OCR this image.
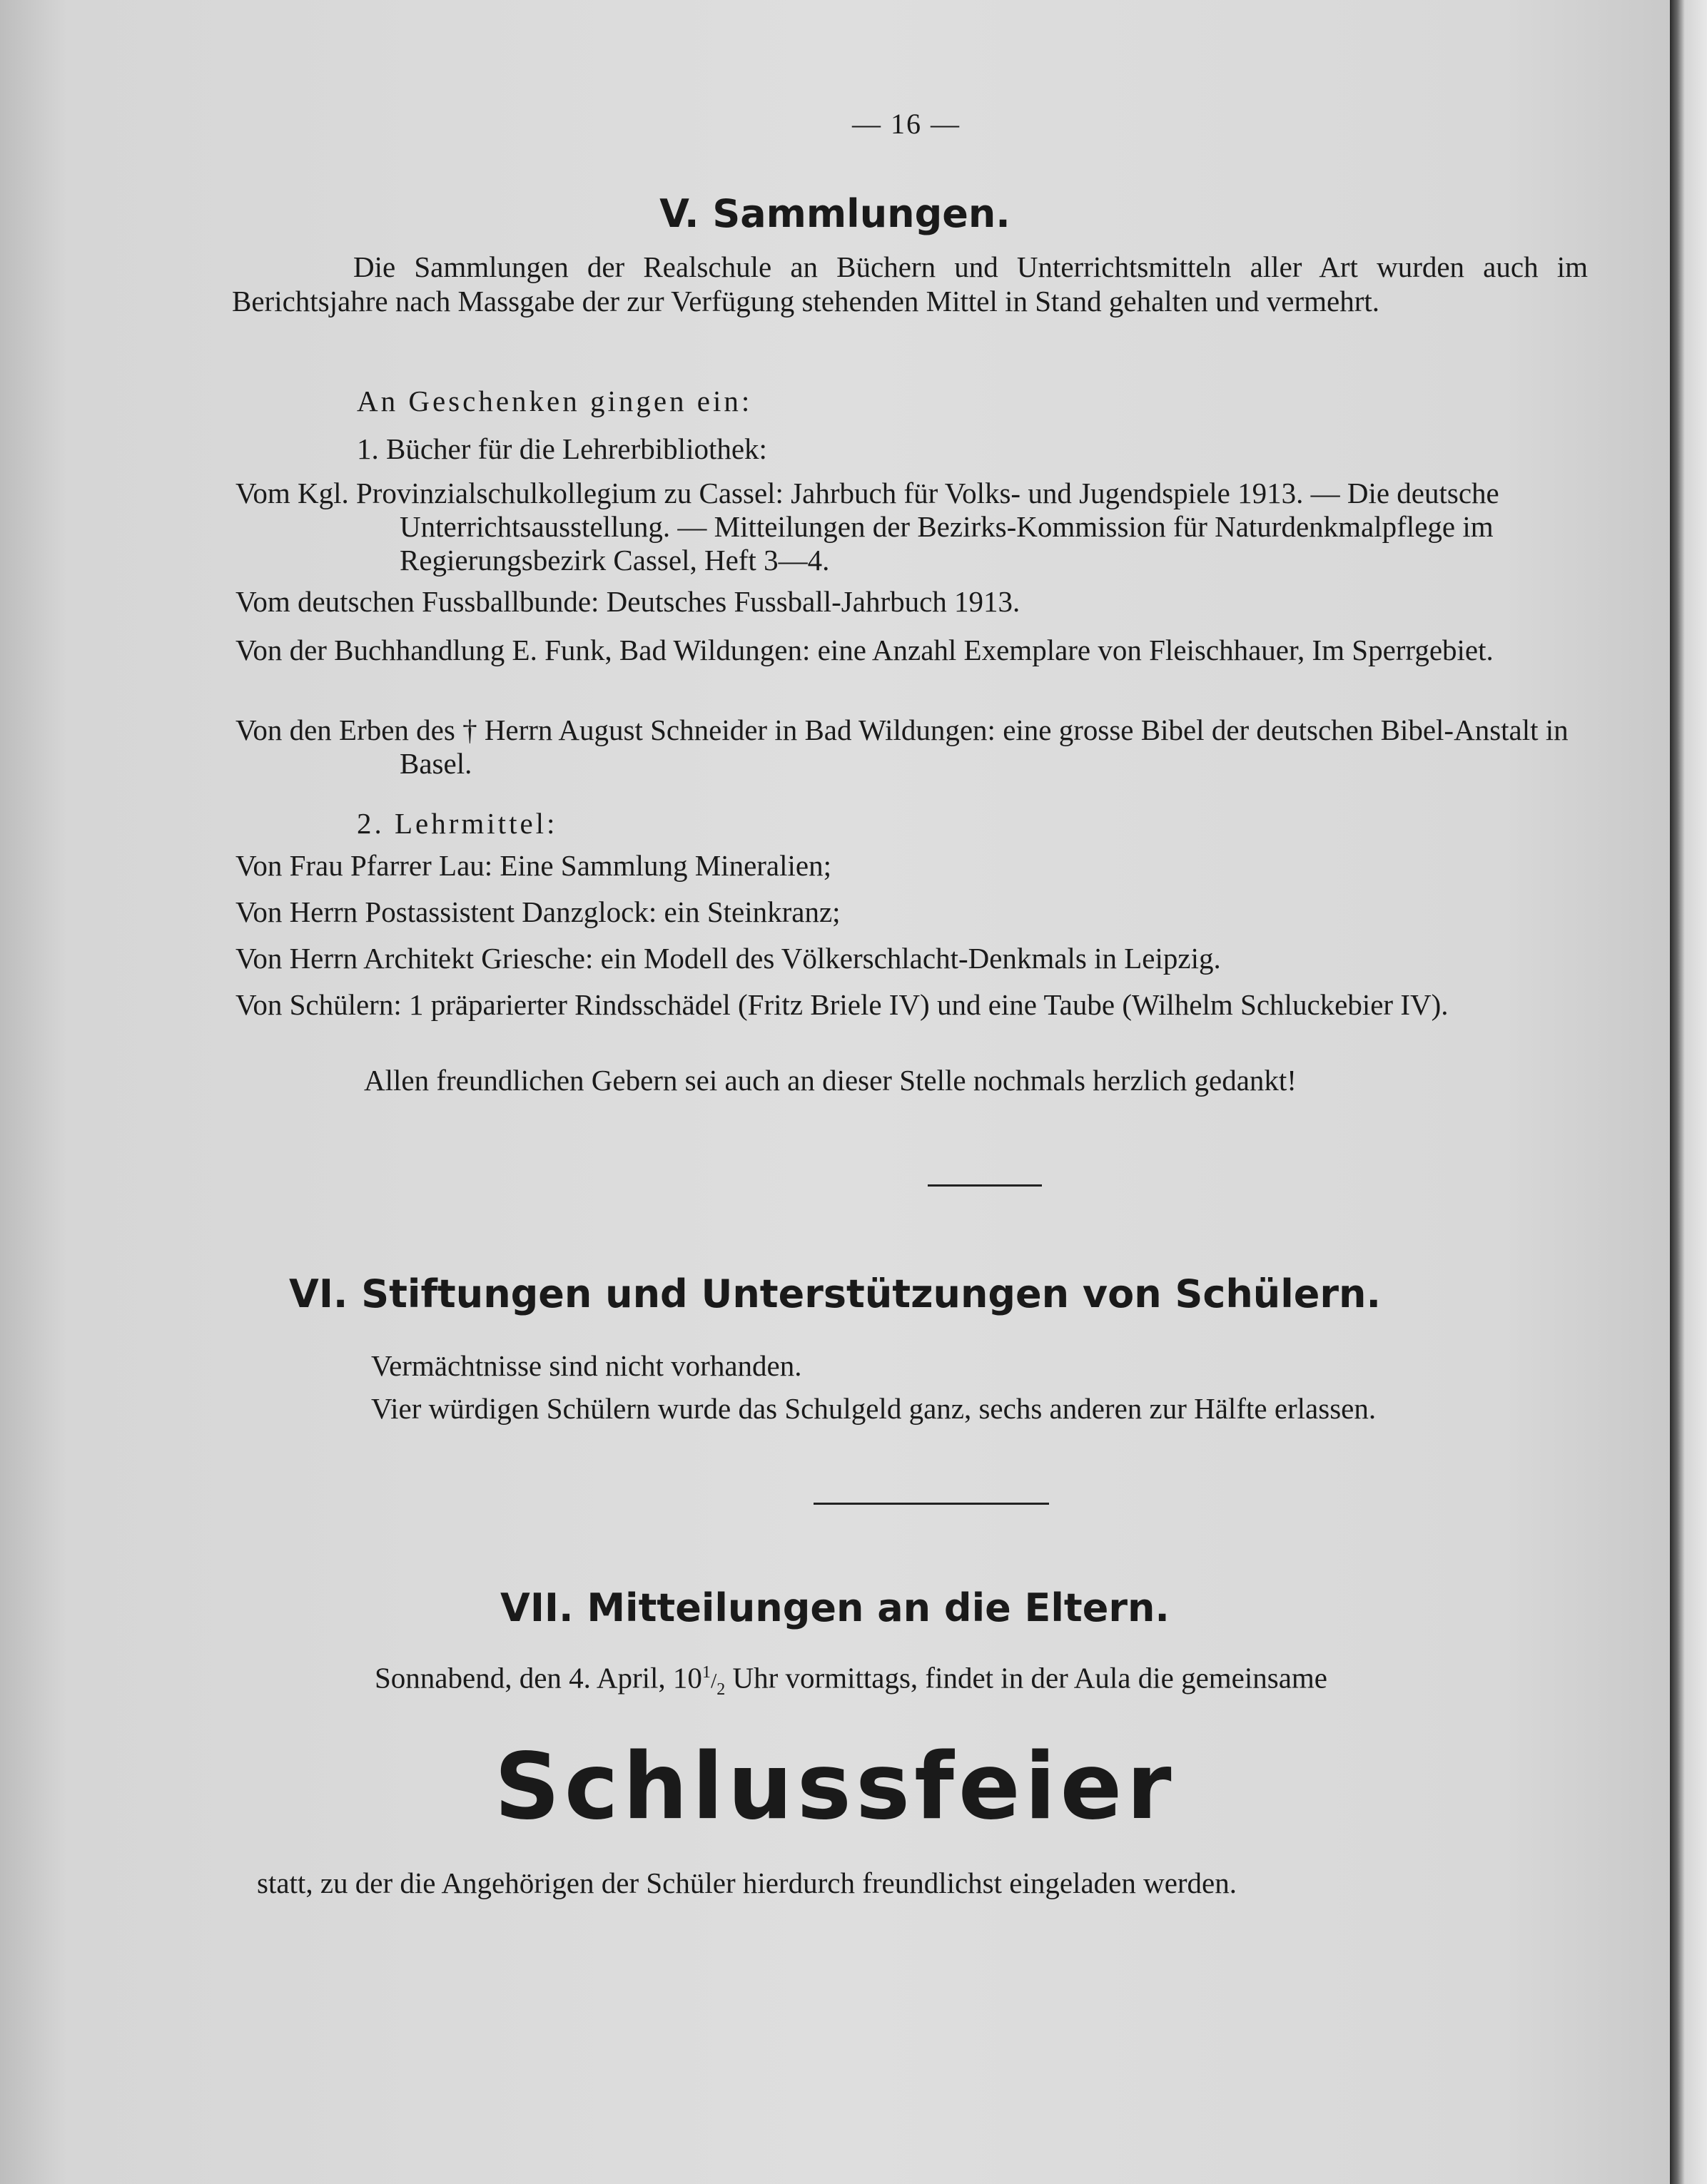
— 16 —
V. Sammlungen.

Die Sammlungen der Realschule an Büchern und Unterrichtsmitteln aller Art wurden auch im Berichtsjahre nach Massgabe der zur Verfügung stehenden Mittel in Stand gehalten und vermehrt.

An Geschenken gingen ein:
1. Bücher für die Lehrerbibliothek:
Vom Kgl. Provinzialschulkollegium zu Cassel: Jahrbuch für Volks- und Jugendspiele 1913. — Die deutsche Unterrichtsausstellung. — Mitteilungen der Bezirks-Kommission für Naturdenkmalpflege im Regierungsbezirk Cassel, Heft 3—4.
Vom deutschen Fussballbunde: Deutsches Fussball-Jahrbuch 1913.
Von der Buchhandlung E. Funk, Bad Wildungen: eine Anzahl Exemplare von Fleischhauer, Im Sperrgebiet.
Von den Erben des † Herrn August Schneider in Bad Wildungen: eine grosse Bibel der deutschen Bibel-Anstalt in Basel.
2. Lehrmittel:
Von Frau Pfarrer Lau: Eine Sammlung Mineralien;
Von Herrn Postassistent Danzglock: ein Steinkranz;
Von Herrn Architekt Griesche: ein Modell des Völkerschlacht-Denkmals in Leipzig.
Von Schülern: 1 präparierter Rindsschädel (Fritz Briele IV) und eine Taube (Wilhelm Schluckebier IV).
Allen freundlichen Gebern sei auch an dieser Stelle nochmals herzlich gedankt!
VI. Stiftungen und Unterstützungen von Schülern.
Vermächtnisse sind nicht vorhanden.
Vier würdigen Schülern wurde das Schulgeld ganz, sechs anderen zur Hälfte erlassen.
VII. Mitteilungen an die Eltern.
Sonnabend, den 4. April, $10^1/_2$ Uhr vormittags, findet in der Aula die gemeinsame
Schlussfeier
statt, zu der die Angehörigen der Schüler hierdurch freundlichst eingeladen werden.
